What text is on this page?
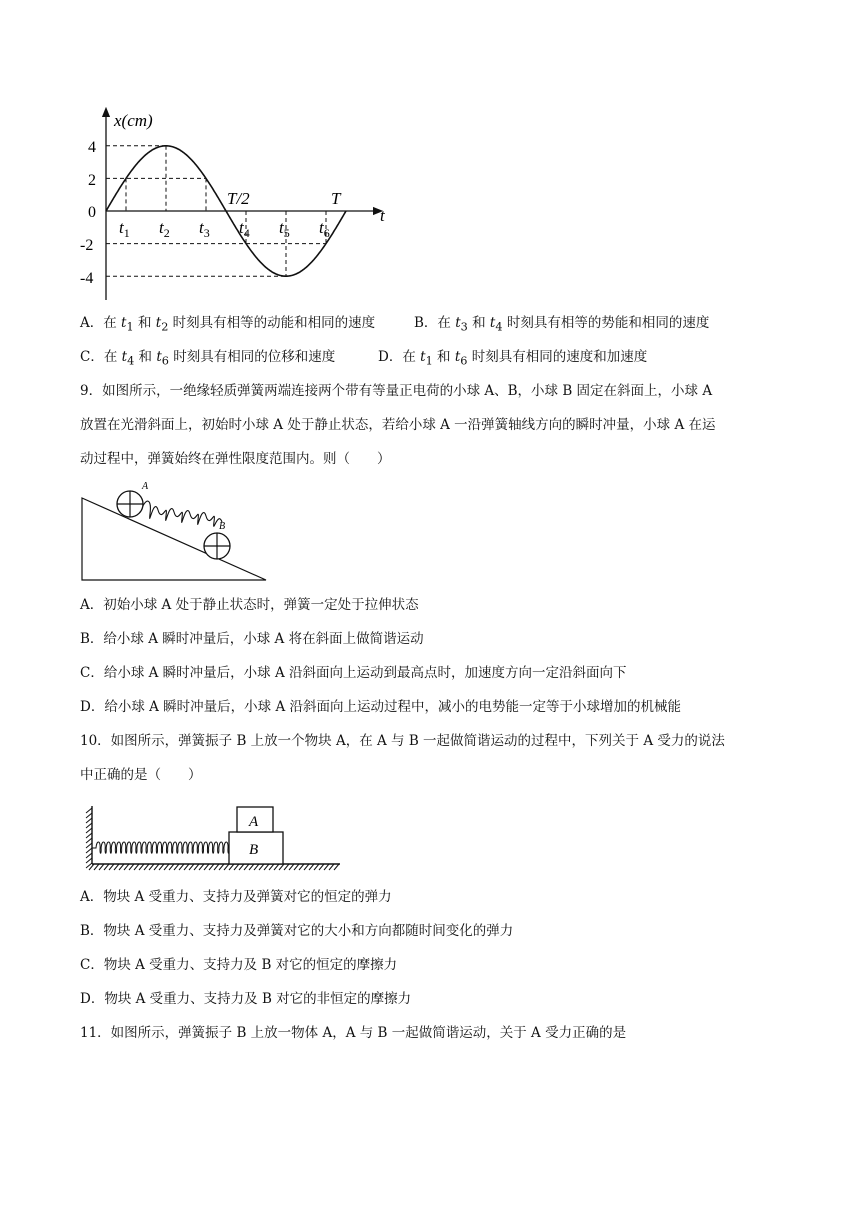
x(cm)
t
4
2
0
-2
-4
T/2	T
$t_1$ $t_2$ $t_3$ $t_4$ $t_5$ $t_6$
A．在 $t_1$ 和 $t_2$ 时刻具有相等的动能和相同的速度	B．在 $t_3$ 和 $t_4$ 时刻具有相等的势能和相同的速度
C．在 $t_4$ 和 $t_6$ 时刻具有相同的位移和速度	D．在 $t_1$ 和 $t_6$ 时刻具有相同的速度和加速度
9．如图所示，一绝缘轻质弹簧两端连接两个带有等量正电荷的小球 A、B，小球 B 固定在斜面上，小球 A
放置在光滑斜面上，初始时小球 A 处于静止状态，若给小球 A 一沿弹簧轴线方向的瞬时冲量，小球 A 在运
动过程中，弹簧始终在弹性限度范围内。则（　　）
A
B
A．初始小球 A 处于静止状态时，弹簧一定处于拉伸状态
B．给小球 A 瞬时冲量后，小球 A 将在斜面上做简谐运动
C．给小球 A 瞬时冲量后，小球 A 沿斜面向上运动到最高点时，加速度方向一定沿斜面向下
D．给小球 A 瞬时冲量后，小球 A 沿斜面向上运动过程中，减小的电势能一定等于小球增加的机械能
10．如图所示，弹簧振子 B 上放一个物块 A，在 A 与 B 一起做简谐运动的过程中，下列关于 A 受力的说法
中正确的是（　　）
A
B
A．物块 A 受重力、支持力及弹簧对它的恒定的弹力
B．物块 A 受重力、支持力及弹簧对它的大小和方向都随时间变化的弹力
C．物块 A 受重力、支持力及 B 对它的恒定的摩擦力
D．物块 A 受重力、支持力及 B 对它的非恒定的摩擦力
11．如图所示，弹簧振子 B 上放一物体 A，A 与 B 一起做简谐运动，关于 A 受力正确的是
